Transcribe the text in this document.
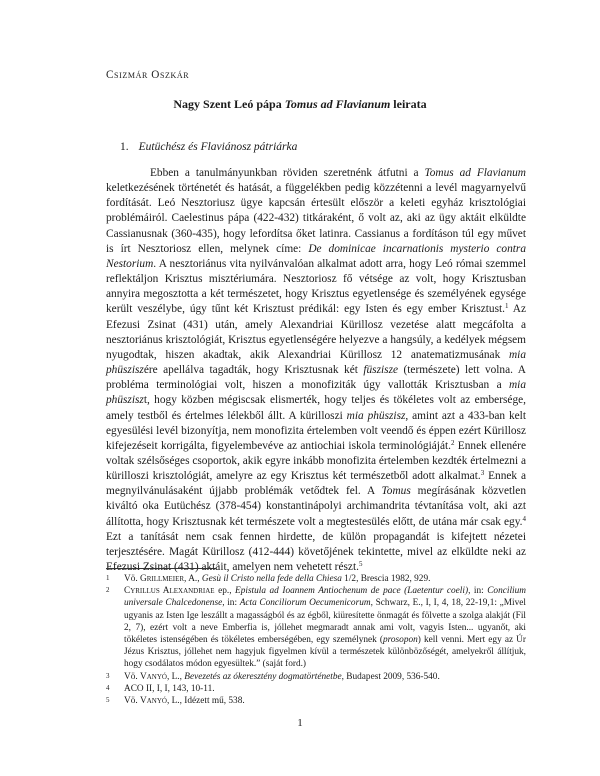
Csizmár Oszkár
Nagy Szent Leó pápa Tomus ad Flavianum leirata
1. Eutüchész és Flaviánosz pátriárka

Ebben a tanulmányunkban röviden szeretnénk átfutni a Tomus ad Flavianum keletkezésének történetét és hatását, a függelékben pedig közzétenni a levél magyarnyelvű fordítását. Leó Nesztoriusz ügye kapcsán értesült először a keleti egyház krisztológiai problémáiról. Caelestinus pápa (422-432) titkáraként, ő volt az, aki az ügy aktáit elküldte Cassianusnak (360-435), hogy lefordítsa őket latinra. Cassianus a fordításon túl egy művet is írt Nesztoriosz ellen, melynek címe: De dominicae incarnationis mysterio contra Nestorium. A nesztoriánus vita nyilvánvalóan alkalmat adott arra, hogy Leó római szemmel reflektáljon Krisztus misztériumára. Nesztoriosz fő vétsége az volt, hogy Krisztusban annyira megosztotta a két természetet, hogy Krisztus egyetlensége és személyének egysége került veszélybe, úgy tűnt két Krisztust prédikál: egy Isten és egy ember Krisztust.$^1$ Az Efezusi Zsinat (431) után, amely Alexandriai Kürillosz vezetése alatt megcáfolta a nesztoriánus krisztológiát, Krisztus egyetlenségére helyezve a hangsúly, a kedélyek mégsem nyugodtak, hiszen akadtak, akik Alexandriai Kürillosz 12 anatematizmusának mia phüsziszére apellálva tagadták, hogy Krisztusnak két füszisze (természete) lett volna. A probléma terminológiai volt, hiszen a monofiziták úgy vallották Krisztusban a mia phüsziszt, hogy közben mégiscsak elismerték, hogy teljes és tökéletes volt az embersége, amely testből és értelmes lélekből állt. A kürilloszi mia phüszisz, amint azt a 433-ban kelt egyesülési levél bizonyítja, nem monofizita értelemben volt veendő és éppen ezért Kürillosz kifejezéseit korrigálta, figyelembevéve az antiochiai iskola terminológiáját.$^2$ Ennek ellenére voltak szélsőséges csoportok, akik egyre inkább monofizita értelemben kezdték értelmezni a kürilloszi krisztológiát, amelyre az egy Krisztus két természetből adott alkalmat.$^3$ Ennek a megnyilvánulásaként újjabb problémák vetődtek fel. A Tomus megírásának közvetlen kiváltó oka Eutüchész (378-454) konstantinápolyi archimandrita tévtanítása volt, aki azt állította, hogy Krisztusnak két természete volt a megtestesülés előtt, de utána már csak egy.$^4$ Ezt a tanítását nem csak fennen hirdette, de külön propagandát is kifejtett nézetei terjesztésére. Magát Kürillosz (412-444) követőjének tekintette, mivel az elküldte neki az Efezusi Zsinat (431) aktáit, amelyen nem vehetett részt.$^5$

1 Vö. Grillmeier, A., Gesù il Cristo nella fede della Chiesa 1/2, Brescia 1982, 929.

2 Cyrillus Alexandriae ep., Epistula ad Ioannem Antiochenum de pace (Laetentur coeli), in: Concilium universale Chalcedonense, in: Acta Conciliorum Oecumenicorum, Schwarz, E., I, I, 4, 18, 22-19,1: „Mivel ugyanis az Isten Ige leszállt a magasságból és az égből, kiüresítette önmagát és fölvette a szolga alakját (Fil 2, 7), ezért volt a neve Emberfia is, jóllehet megmaradt annak ami volt, vagyis Isten... ugyanőt, aki tökéletes istenségében és tökéletes emberségében, egy személynek (prosopon) kell venni. Mert egy az Úr Jézus Krisztus, jóllehet nem hagyjuk figyelmen kívül a természetek különbözőségét, amelyekről állítjuk, hogy csodálatos módon egyesültek.” (saját ford.)

3 Vö. Vanyó, L., Bevezetés az ókeresztény dogmatörténetbe, Budapest 2009, 536-540.

4 ACO II, I, I, 143, 10-11.

5 Vö. Vanyó, L., Idézett mű, 538.

1
